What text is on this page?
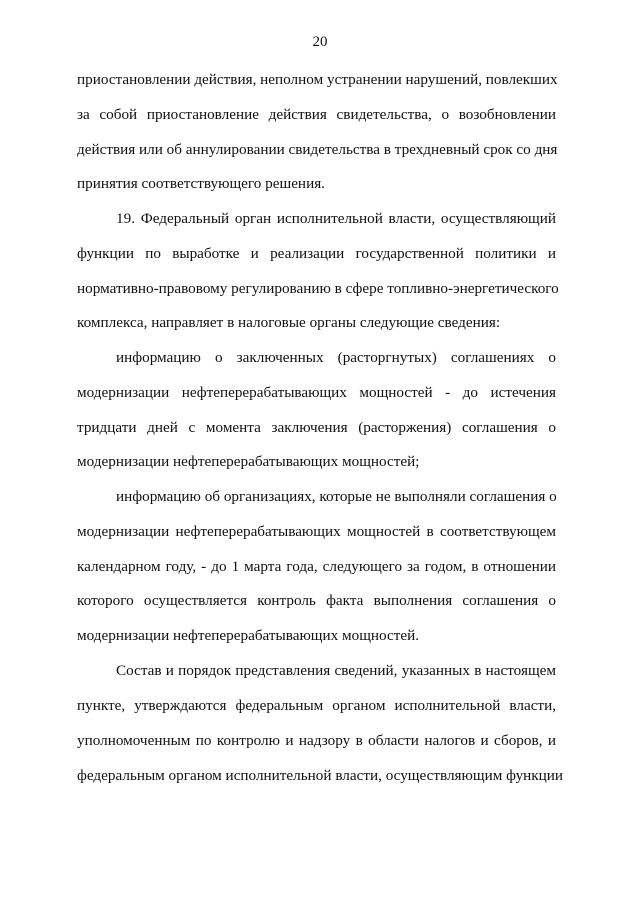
20
приостановлении действия, неполном устранении нарушений, повлекших
за собой приостановление действия свидетельства, о возобновлении
действия или об аннулировании свидетельства в трехдневный срок со дня
принятия соответствующего решения.
19. Федеральный орган исполнительной власти, осуществляющий
функции по выработке и реализации государственной политики и
нормативно-правовому регулированию в сфере топливно-энергетического
комплекса, направляет в налоговые органы следующие сведения:
информацию о заключенных (расторгнутых) соглашениях о
модернизации нефтеперерабатывающих мощностей - до истечения
тридцати дней с момента заключения (расторжения) соглашения о
модернизации нефтеперерабатывающих мощностей;
информацию об организациях, которые не выполняли соглашения о
модернизации нефтеперерабатывающих мощностей в соответствующем
календарном году, - до 1 марта года, следующего за годом, в отношении
которого осуществляется контроль факта выполнения соглашения о
модернизации нефтеперерабатывающих мощностей.
Состав и порядок представления сведений, указанных в настоящем
пункте, утверждаются федеральным органом исполнительной власти,
уполномоченным по контролю и надзору в области налогов и сборов, и
федеральным органом исполнительной власти, осуществляющим функции
